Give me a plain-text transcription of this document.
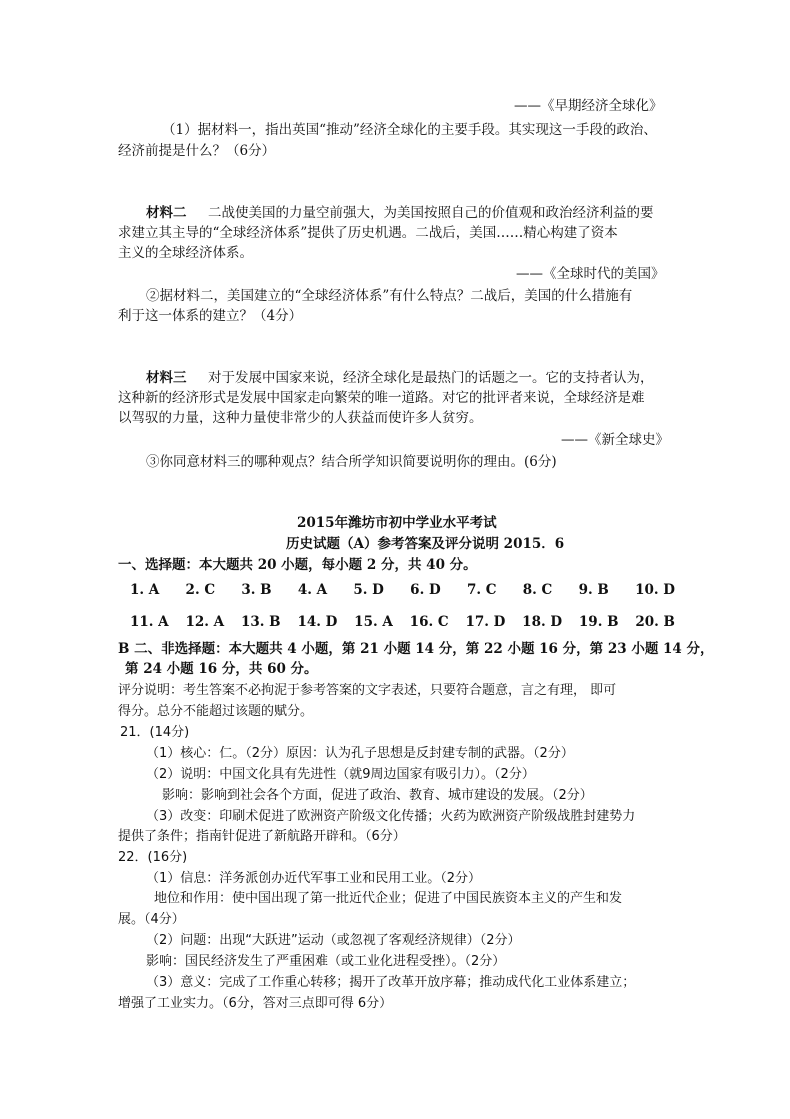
——《早期经济全球化》
（1）据材料一，指出英国“推动”经济全球化的主要手段。其实现这一手段的政治、
经济前提是什么？（6分）
材料二 二战使美国的力量空前强大，为美国按照自己的价值观和政治经济利益的要
求建立其主导的“全球经济体系”提供了历史机遇。二战后，美国……精心构建了资本
主义的全球经济体系。
——《全球时代的美国》
②据材料二，美国建立的“全球经济体系”有什么特点？二战后，美国的什么措施有
利于这一体系的建立？（4分）
材料三 对于发展中国家来说，经济全球化是最热门的话题之一。它的支持者认为，
这种新的经济形式是发展中国家走向繁荣的唯一道路。对它的批评者来说，全球经济是难
以驾驭的力量，这种力量使非常少的人获益而使许多人贫穷。
——《新全球史》
③你同意材料三的哪种观点？结合所学知识简要说明你的理由。(6分)
2015年潍坊市初中学业水平考试
历史试题（A）参考答案及评分说明 2015．6
一、选择题：本大题共 20 小题，每小题 2 分，共 40 分。
1. A 2. C 3. B 4. A 5. D 6. D 7. C 8. C 9. B 10. D
11. A 12. A 13. B 14. D 15. A 16. C 17. D 18. D 19. B 20. B
B 二、非选择题：本大题共 4 小题，第 21 小题 14 分，第 22 小题 16 分，第 23 小题 14 分，
第 24 小题 16 分，共 60 分。
评分说明：考生答案不必拘泥于参考答案的文字表述，只要符合题意，言之有理， 即可
得分。总分不能超过该题的赋分。
21．(14分)
（1）核心：仁。（2分）原因：认为孔子思想是反封建专制的武器。（2分）
（2）说明：中国文化具有先进性（就9周边国家有吸引力）。（2分）
影响：影响到社会各个方面，促进了政治、教育、城市建设的发展。（2分）
（3）改变：印刷术促进了欧洲资产阶级文化传播；火药为欧洲资产阶级战胜封建势力
提供了条件；指南针促进了新航路开辟和。（6分）
22．(16分)
（1）信息：洋务派创办近代军事工业和民用工业。（2分）
地位和作用：使中国出现了第一批近代企业；促进了中国民族资本主义的产生和发
展。（4分）
（2）问题：出现“大跃进”运动（或忽视了客观经济规律）（2分）
影响：国民经济发生了严重困难（或工业化进程受挫）。（2分）
（3）意义：完成了工作重心转移；揭开了改革开放序幕；推动成代化工业体系建立；
增强了工业实力。（6分，答对三点即可得 6分）
